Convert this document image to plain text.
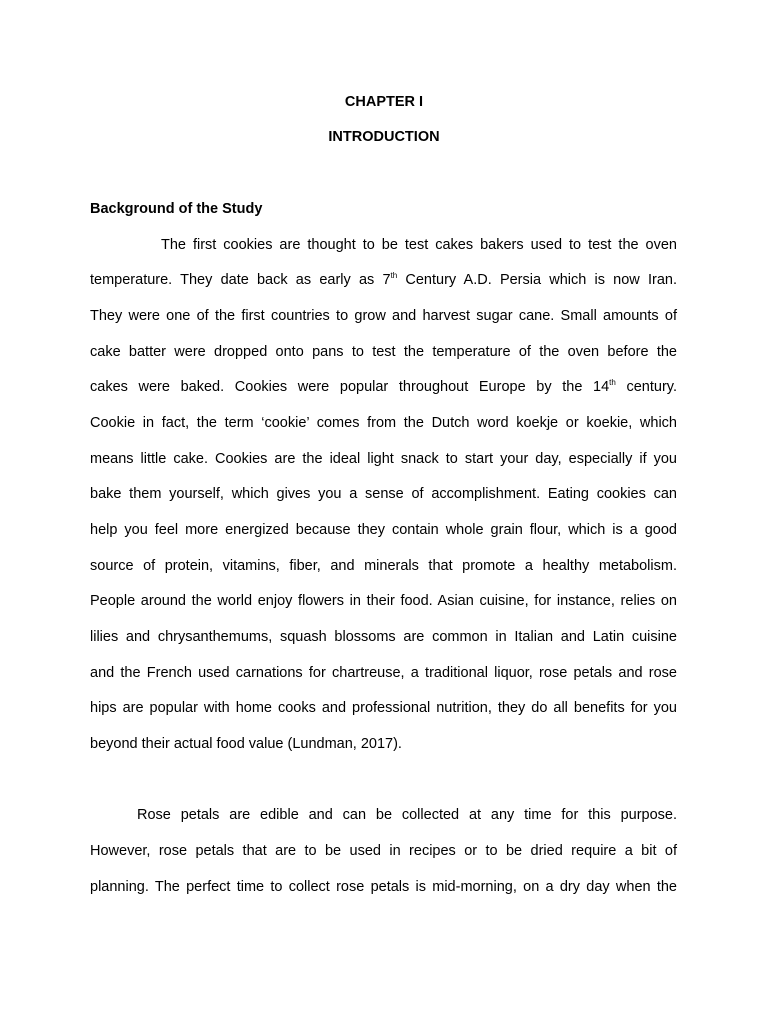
CHAPTER I
INTRODUCTION
Background of the Study

The first cookies are thought to be test cakes bakers used to test the oven

temperature. They date back as early as 7th Century A.D. Persia which is now Iran.

They were one of the first countries to grow and harvest sugar cane. Small amounts of

cake batter were dropped onto pans to test the temperature of the oven before the

cakes were baked. Cookies were popular throughout Europe by the 14th century.

Cookie in fact, the term ‘cookie’ comes from the Dutch word koekje or koekie, which

means little cake. Cookies are the ideal light snack to start your day, especially if you

bake them yourself, which gives you a sense of accomplishment. Eating cookies can

help you feel more energized because they contain whole grain flour, which is a good

source of protein, vitamins, fiber, and minerals that promote a healthy metabolism.

People around the world enjoy flowers in their food. Asian cuisine, for instance, relies on

lilies and chrysanthemums, squash blossoms are common in Italian and Latin cuisine

and the French used carnations for chartreuse, a traditional liquor, rose petals and rose

hips are popular with home cooks and professional nutrition, they do all benefits for you

beyond their actual food value (Lundman, 2017).

Rose petals are edible and can be collected at any time for this purpose.

However, rose petals that are to be used in recipes or to be dried require a bit of

planning. The perfect time to collect rose petals is mid-morning, on a dry day when the
